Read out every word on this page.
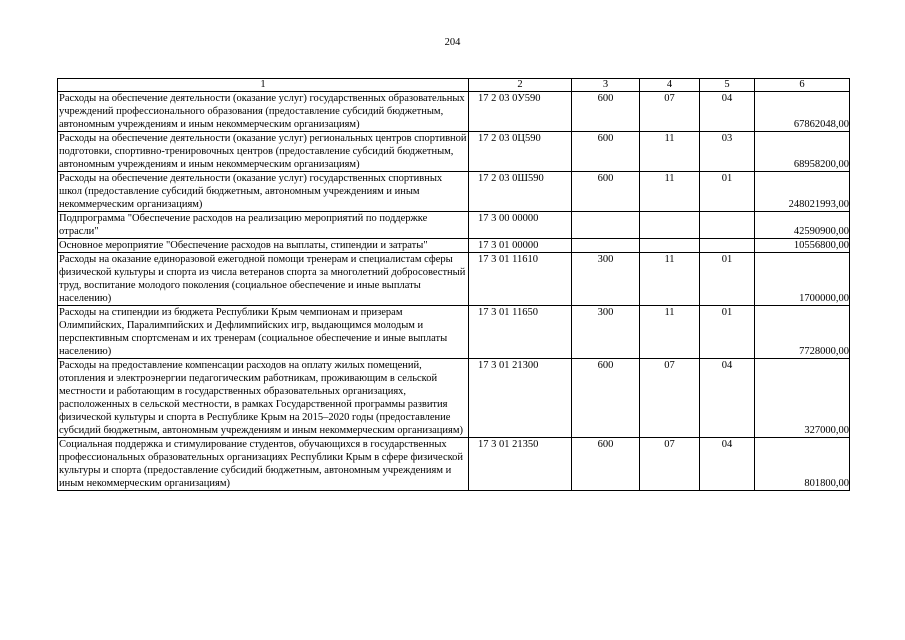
204
1	2	3	4	5	6
Расходы на обеспечение деятельности (оказание услуг) государственных образовательных учреждений профессионального образования (предоставление субсидий бюджетным, автономным учреждениям и иным некоммерческим организациям)	17 2 03 0У590	600	07	04	67862048,00
Расходы на обеспечение деятельности (оказание услуг) региональных центров спортивной подготовки, спортивно-тренировочных центров (предоставление субсидий бюджетным, автономным учреждениям и иным некоммерческим организациям)	17 2 03 0Ц590	600	11	03	68958200,00
Расходы на обеспечение деятельности (оказание услуг) государственных спортивных школ (предоставление субсидий бюджетным, автономным учреждениям и иным некоммерческим организациям)	17 2 03 0Ш590	600	11	01	248021993,00
Подпрограмма "Обеспечение расходов на реализацию мероприятий по поддержке отрасли"	17 3 00 00000				42590900,00
Основное мероприятие "Обеспечение расходов на выплаты, стипендии и затраты"	17 3 01 00000				10556800,00
Расходы на оказание единоразовой ежегодной помощи тренерам и специалистам сферы физической культуры и спорта из числа ветеранов спорта за многолетний добросовестный труд, воспитание молодого поколения (социальное обеспечение и иные выплаты населению)	17 3 01 11610	300	11	01	1700000,00
Расходы на стипендии из бюджета Республики Крым чемпионам и призерам Олимпийских, Паралимпийских и Дефлимпийских игр, выдающимся молодым и перспективным спортсменам и их тренерам (социальное обеспечение и иные выплаты населению)	17 3 01 11650	300	11	01	7728000,00
Расходы на предоставление компенсации расходов на оплату жилых помещений, отопления и электроэнергии педагогическим работникам, проживающим в сельской местности и работающим в государственных образовательных организациях, расположенных в сельской местности, в рамках Государственной программы развития физической культуры и спорта в Республике Крым на 2015–2020 годы (предоставление субсидий бюджетным, автономным учреждениям и иным некоммерческим организациям)	17 3 01 21300	600	07	04	327000,00
Социальная поддержка и стимулирование студентов, обучающихся в государственных профессиональных образовательных организациях Республики Крым в сфере физической культуры и спорта (предоставление субсидий бюджетным, автономным учреждениям и иным некоммерческим организациям)	17 3 01 21350	600	07	04	801800,00
